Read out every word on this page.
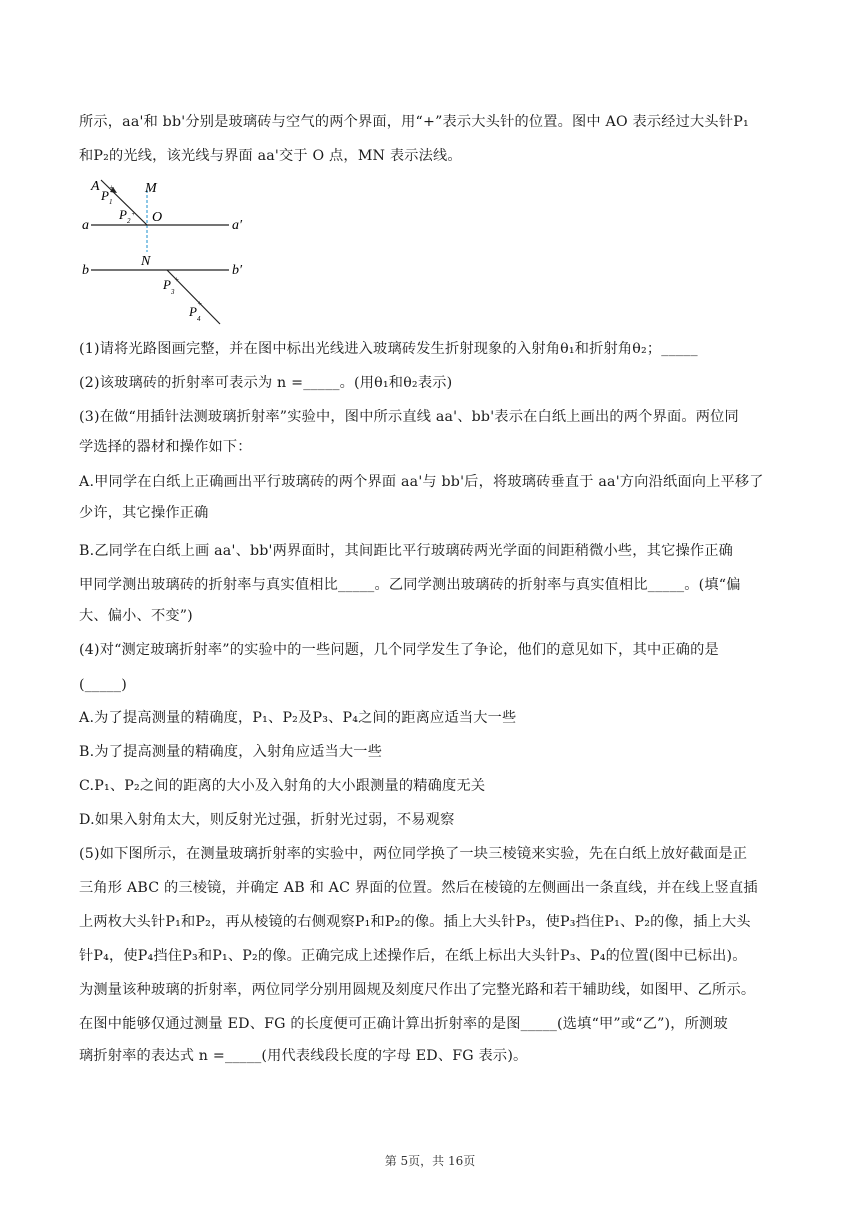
所示，aa'和 bb'分别是玻璃砖与空气的两个界面，用“+”表示大头针的位置。图中 AO 表示经过大头针P₁
和P₂的光线，该光线与界面 aa'交于 O 点，MN 表示法线。
+
+
+
+
A
P 1
M
P 2 O
a	a′
N
b	b′
P 3
P 4
(1)请将光路图画完整，并在图中标出光线进入玻璃砖发生折射现象的入射角θ₁和折射角θ₂；_____
(2)该玻璃砖的折射率可表示为 n =_____。(用θ₁和θ₂表示)
(3)在做“用插针法测玻璃折射率”实验中，图中所示直线 aa'、bb'表示在白纸上画出的两个界面。两位同
学选择的器材和操作如下：
A.甲同学在白纸上正确画出平行玻璃砖的两个界面 aa'与 bb'后，将玻璃砖垂直于 aa'方向沿纸面向上平移了
少许，其它操作正确
B.乙同学在白纸上画 aa'、bb'两界面时，其间距比平行玻璃砖两光学面的间距稍微小些，其它操作正确
甲同学测出玻璃砖的折射率与真实值相比_____。乙同学测出玻璃砖的折射率与真实值相比_____。(填“偏
大、偏小、不变”)
(4)对“测定玻璃折射率”的实验中的一些问题，几个同学发生了争论，他们的意见如下，其中正确的是
(_____)
A.为了提高测量的精确度，P₁、P₂及P₃、P₄之间的距离应适当大一些
B.为了提高测量的精确度，入射角应适当大一些
C.P₁、P₂之间的距离的大小及入射角的大小跟测量的精确度无关
D.如果入射角太大，则反射光过强，折射光过弱，不易观察
(5)如下图所示，在测量玻璃折射率的实验中，两位同学换了一块三棱镜来实验，先在白纸上放好截面是正
三角形 ABC 的三棱镜，并确定 AB 和 AC 界面的位置。然后在棱镜的左侧画出一条直线，并在线上竖直插
上两枚大头针P₁和P₂，再从棱镜的右侧观察P₁和P₂的像。插上大头针P₃，使P₃挡住P₁、P₂的像，插上大头
针P₄，使P₄挡住P₃和P₁、P₂的像。正确完成上述操作后，在纸上标出大头针P₃、P₄的位置(图中已标出)。
为测量该种玻璃的折射率，两位同学分别用圆规及刻度尺作出了完整光路和若干辅助线，如图甲、乙所示。
在图中能够仅通过测量 ED、FG 的长度便可正确计算出折射率的是图_____(选填“甲”或“乙”)，所测玻
璃折射率的表达式 n =_____(用代表线段长度的字母 ED、FG 表示)。
第 5页，共 16页
